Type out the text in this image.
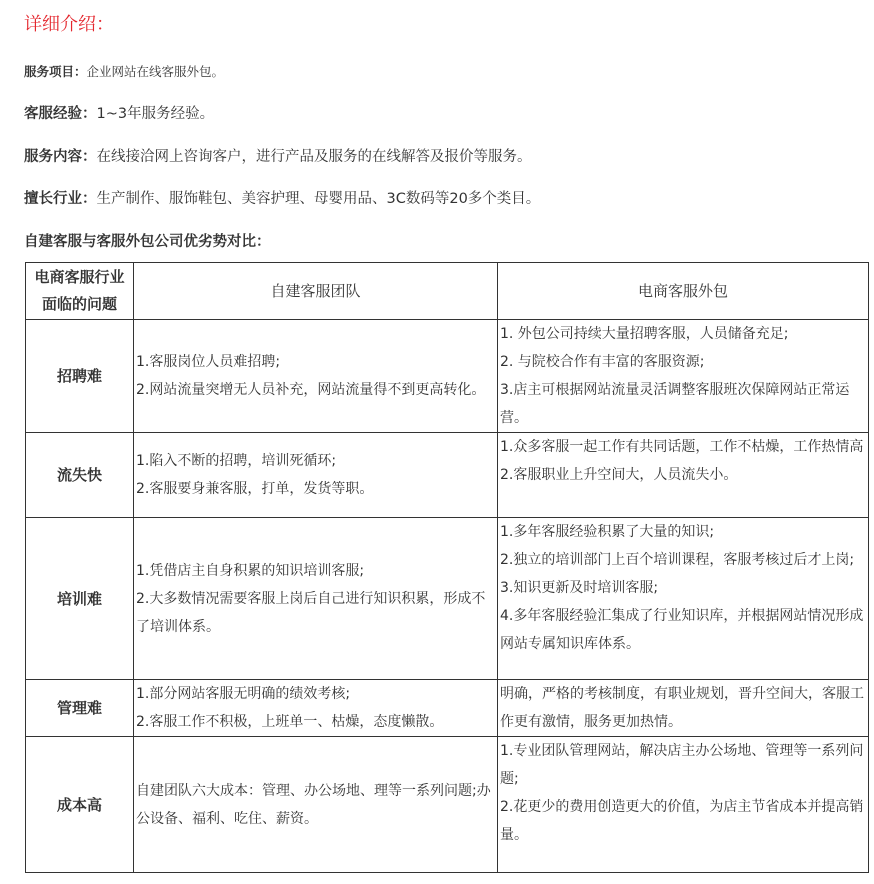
详细介绍：
服务项目：企业网站在线客服外包。
客服经验：1~3年服务经验。
服务内容：在线接洽网上咨询客户，进行产品及服务的在线解答及报价等服务。
擅长行业：生产制作、服饰鞋包、美容护理、母婴用品、3C数码等20多个类目。
自建客服与客服外包公司优劣势对比：
电商客服行业面临的问题	自建客服团队	电商客服外包
招聘难	1.客服岗位人员难招聘;
2.网站流量突增无人员补充，网站流量得不到更高转化。	1. 外包公司持续大量招聘客服，人员储备充足;
2. 与院校合作有丰富的客服资源;
3.店主可根据网站流量灵活调整客服班次保障网站正常运营。

流失快	1.陷入不断的招聘，培训死循环;
2.客服要身兼客服，打单，发货等职。	1.众多客服一起工作有共同话题，工作不枯燥，工作热情高
2.客服职业上升空间大，人员流失小。

培训难	1.凭借店主自身积累的知识培训客服;
2.大多数情况需要客服上岗后自己进行知识积累，形成不了培训体系。	1.多年客服经验积累了大量的知识;
2.独立的培训部门上百个培训课程，客服考核过后才上岗;
3.知识更新及时培训客服;
4.多年客服经验汇集成了行业知识库，并根据网站情况形成网站专属知识库体系。

管理难	1.部分网站客服无明确的绩效考核;
2.客服工作不积极，上班单一、枯燥，态度懒散。	明确，严格的考核制度，有职业规划，晋升空间大，客服工作更有激情，服务更加热情。

成本高	自建团队六大成本：管理、办公场地、理等一系列问题;办公设备、福利、吃住、薪资。	1.专业团队管理网站，解决店主办公场地、管理等一系列问题;
2.花更少的费用创造更大的价值，为店主节省成本并提高销量。
